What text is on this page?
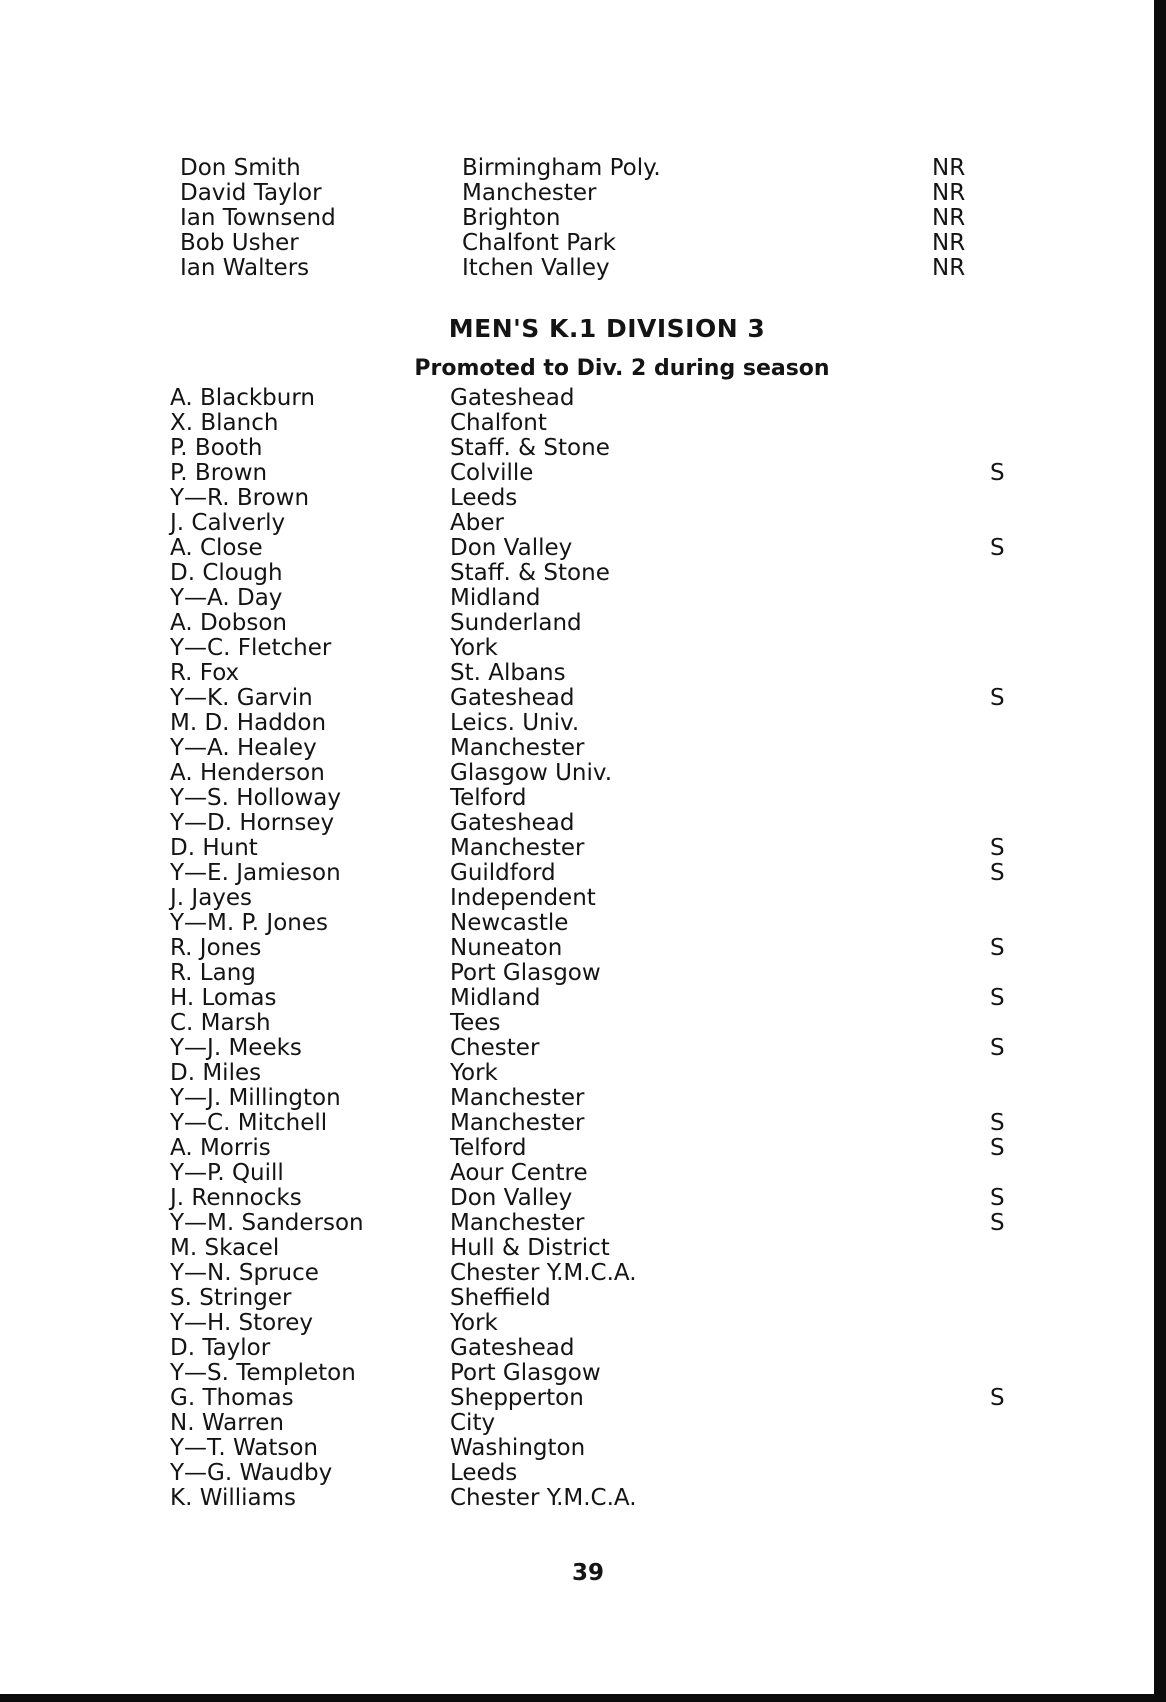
Don Smith	Birmingham Poly.	NR
David Taylor	Manchester	NR
Ian Townsend	Brighton	NR
Bob Usher	Chalfont Park	NR
Ian Walters	Itchen Valley	NR
MEN'S K.1 DIVISION 3
Promoted to Div. 2 during season
A. Blackburn	Gateshead
X. Blanch	Chalfont
P. Booth	Staff. & Stone
P. Brown	Colville	S
Y—R. Brown	Leeds
J. Calverly	Aber
A. Close	Don Valley	S
D. Clough	Staff. & Stone
Y—A. Day	Midland
A. Dobson	Sunderland
Y—C. Fletcher	York
R. Fox	St. Albans
Y—K. Garvin	Gateshead	S
M. D. Haddon	Leics. Univ.
Y—A. Healey	Manchester
A. Henderson	Glasgow Univ.
Y—S. Holloway	Telford
Y—D. Hornsey	Gateshead
D. Hunt	Manchester	S
Y—E. Jamieson	Guildford	S
J. Jayes	Independent
Y—M. P. Jones	Newcastle
R. Jones	Nuneaton	S
R. Lang	Port Glasgow
H. Lomas	Midland	S
C. Marsh	Tees
Y—J. Meeks	Chester	S
D. Miles	York
Y—J. Millington	Manchester
Y—C. Mitchell	Manchester	S
A. Morris	Telford	S
Y—P. Quill	Aour Centre
J. Rennocks	Don Valley	S
Y—M. Sanderson	Manchester	S
M. Skacel	Hull & District
Y—N. Spruce	Chester Y.M.C.A.
S. Stringer	Sheffield
Y—H. Storey	York
D. Taylor	Gateshead
Y—S. Templeton	Port Glasgow
G. Thomas	Shepperton	S
N. Warren	City
Y—T. Watson	Washington
Y—G. Waudby	Leeds
K. Williams	Chester Y.M.C.A.
39
